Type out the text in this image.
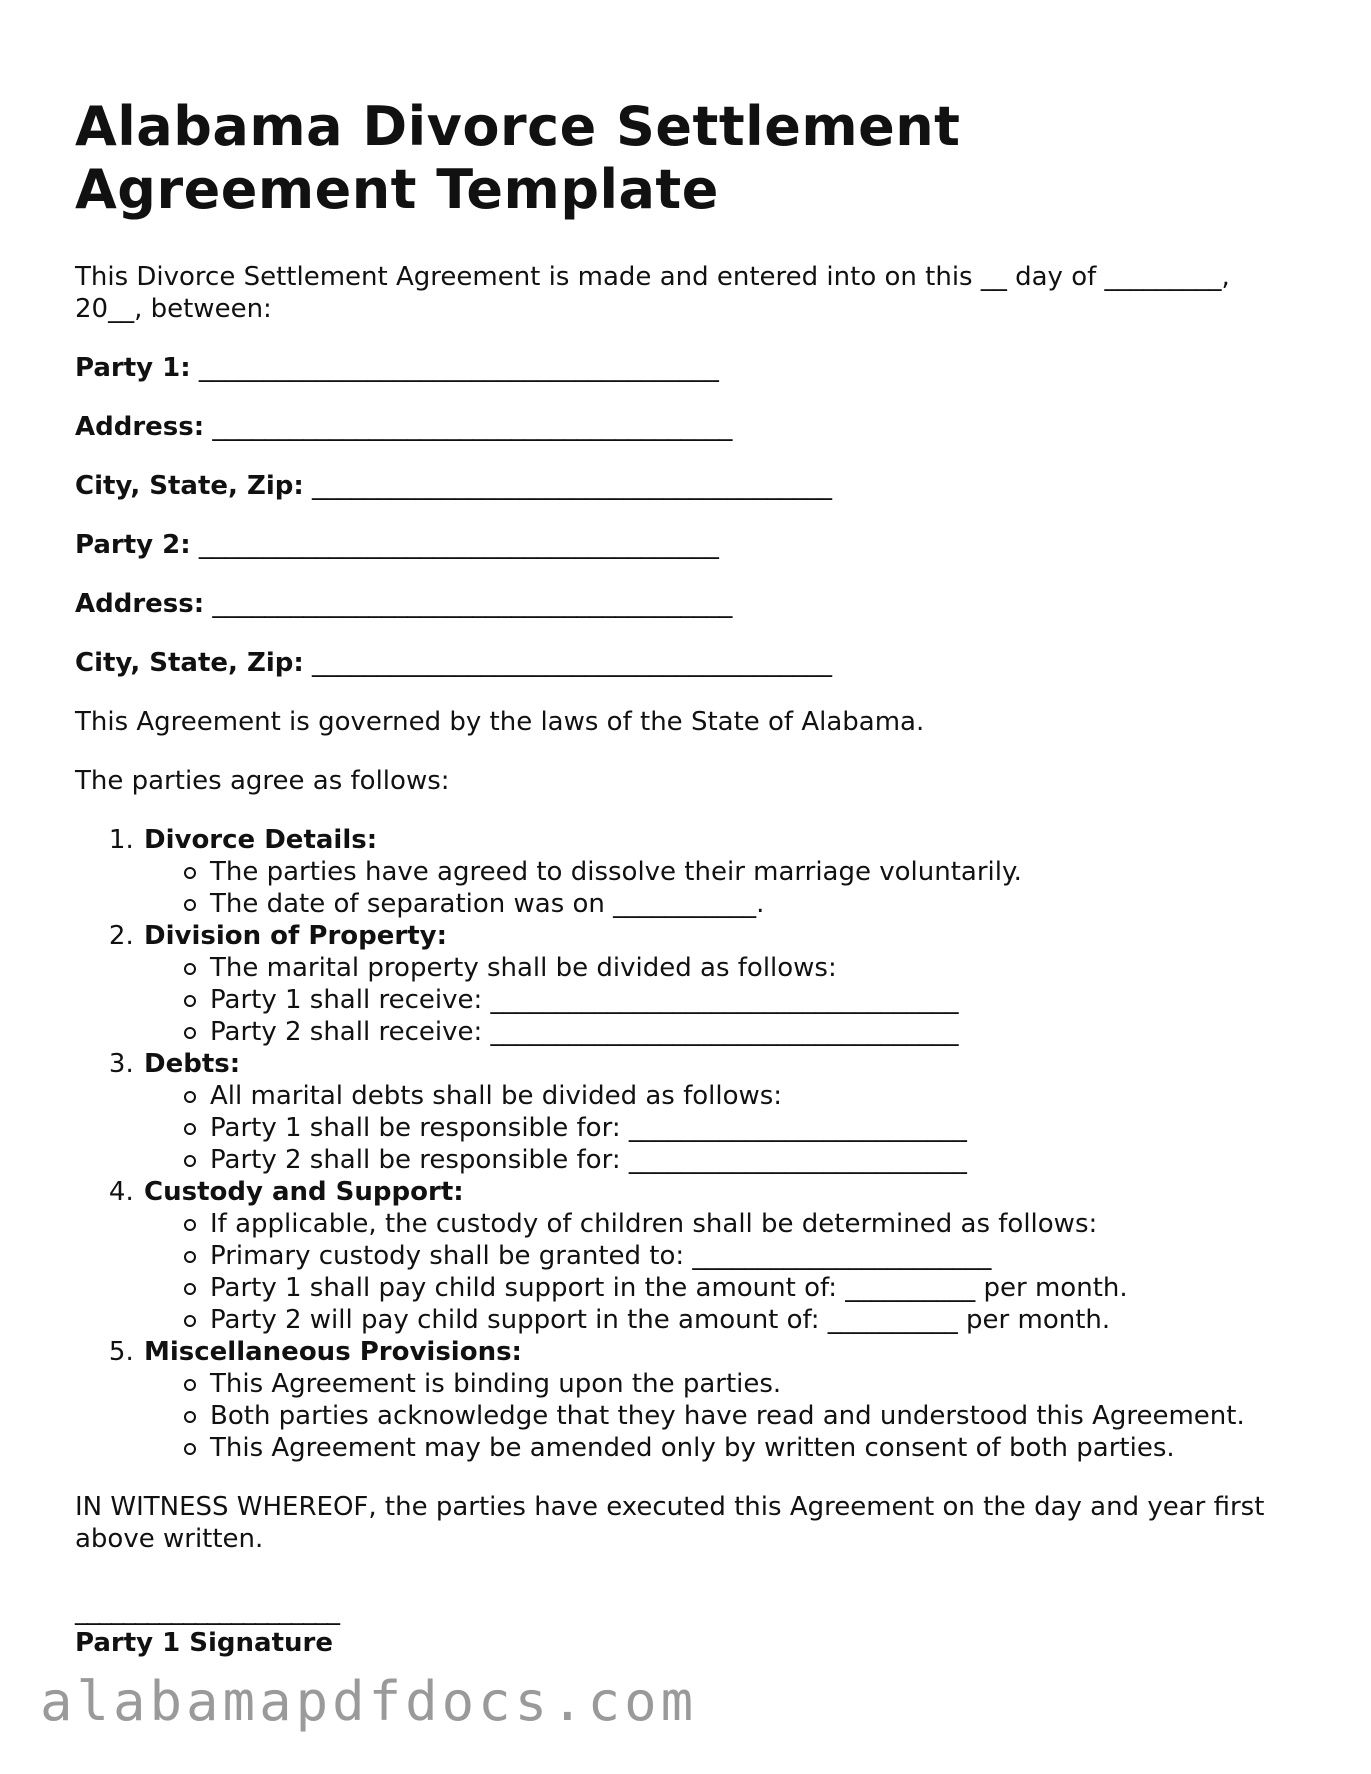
Alabama Divorce Settlement Agreement Template

This Divorce Settlement Agreement is made and entered into on this __ day of _________, 20__, between:

Party 1: ________________________________________
Address: ________________________________________
City, State, Zip: ________________________________________
Party 2: ________________________________________
Address: ________________________________________
City, State, Zip: ________________________________________

This Agreement is governed by the laws of the State of Alabama.

The parties agree as follows:

1. Divorce Details:
The parties have agreed to dissolve their marriage voluntarily.
The date of separation was on ___________.
2. Division of Property:
The marital property shall be divided as follows:
Party 1 shall receive: ____________________________________
Party 2 shall receive: ____________________________________
3. Debts:
All marital debts shall be divided as follows:
Party 1 shall be responsible for: __________________________
Party 2 shall be responsible for: __________________________
4. Custody and Support:
If applicable, the custody of children shall be determined as follows:
Primary custody shall be granted to: _______________________
Party 1 shall pay child support in the amount of: __________ per month.
Party 2 will pay child support in the amount of: __________ per month.
5. Miscellaneous Provisions:
This Agreement is binding upon the parties.
Both parties acknowledge that they have read and understood this Agreement.
This Agreement may be amended only by written consent of both parties.

IN WITNESS WHEREOF, the parties have executed this Agreement on the day and year first above written.

______________________
Party 1 Signature
alabamapdfdocs.com
